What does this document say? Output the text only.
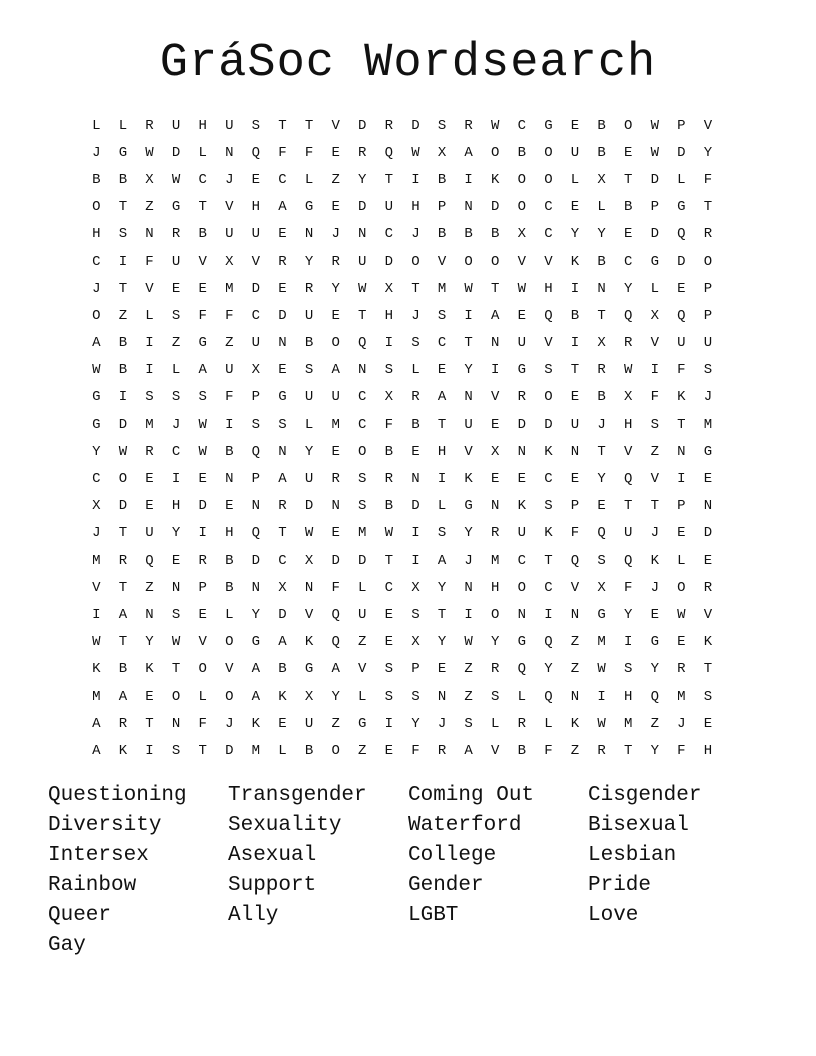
GráSoc Wordsearch
L	L	R	U	H	U	S	T	T	V	D	R	D	S	R	W	C	G	E	B	O	W	P	V
J	G	W	D	L	N	Q	F	F	E	R	Q	W	X	A	O	B	O	U	B	E	W	D	Y
B	B	X	W	C	J	E	C	L	Z	Y	T	I	B	I	K	O	O	L	X	T	D	L	F
O	T	Z	G	T	V	H	A	G	E	D	U	H	P	N	D	O	C	E	L	B	P	G	T
H	S	N	R	B	U	U	E	N	J	N	C	J	B	B	B	X	C	Y	Y	E	D	Q	R
C	I	F	U	V	X	V	R	Y	R	U	D	O	V	O	O	V	V	K	B	C	G	D	O
J	T	V	E	E	M	D	E	R	Y	W	X	T	M	W	T	W	H	I	N	Y	L	E	P
O	Z	L	S	F	F	C	D	U	E	T	H	J	S	I	A	E	Q	B	T	Q	X	Q	P
A	B	I	Z	G	Z	U	N	B	O	Q	I	S	C	T	N	U	V	I	X	R	V	U	U
W	B	I	L	A	U	X	E	S	A	N	S	L	E	Y	I	G	S	T	R	W	I	F	S
G	I	S	S	S	F	P	G	U	U	C	X	R	A	N	V	R	O	E	B	X	F	K	J
G	D	M	J	W	I	S	S	L	M	C	F	B	T	U	E	D	D	U	J	H	S	T	M
Y	W	R	C	W	B	Q	N	Y	E	O	B	E	H	V	X	N	K	N	T	V	Z	N	G
C	O	E	I	E	N	P	A	U	R	S	R	N	I	K	E	E	C	E	Y	Q	V	I	E
X	D	E	H	D	E	N	R	D	N	S	B	D	L	G	N	K	S	P	E	T	T	P	N
J	T	U	Y	I	H	Q	T	W	E	M	W	I	S	Y	R	U	K	F	Q	U	J	E	D
M	R	Q	E	R	B	D	C	X	D	D	T	I	A	J	M	C	T	Q	S	Q	K	L	E
V	T	Z	N	P	B	N	X	N	F	L	C	X	Y	N	H	O	C	V	X	F	J	O	R
I	A	N	S	E	L	Y	D	V	Q	U	E	S	T	I	O	N	I	N	G	Y	E	W	V
W	T	Y	W	V	O	G	A	K	Q	Z	E	X	Y	W	Y	G	Q	Z	M	I	G	E	K
K	B	K	T	O	V	A	B	G	A	V	S	P	E	Z	R	Q	Y	Z	W	S	Y	R	T
M	A	E	O	L	O	A	K	X	Y	L	S	S	N	Z	S	L	Q	N	I	H	Q	M	S
A	R	T	N	F	J	K	E	U	Z	G	I	Y	J	S	L	R	L	K	W	M	Z	J	E
A	K	I	S	T	D	M	L	B	O	Z	E	F	R	A	V	B	F	Z	R	T	Y	F	H
Questioning	Transgender	Coming Out	Cisgender
Diversity	Sexuality	Waterford	Bisexual
Intersex	Asexual	College	Lesbian
Rainbow	Support	Gender	Pride
Queer	Ally	LGBT	Love
Gay
